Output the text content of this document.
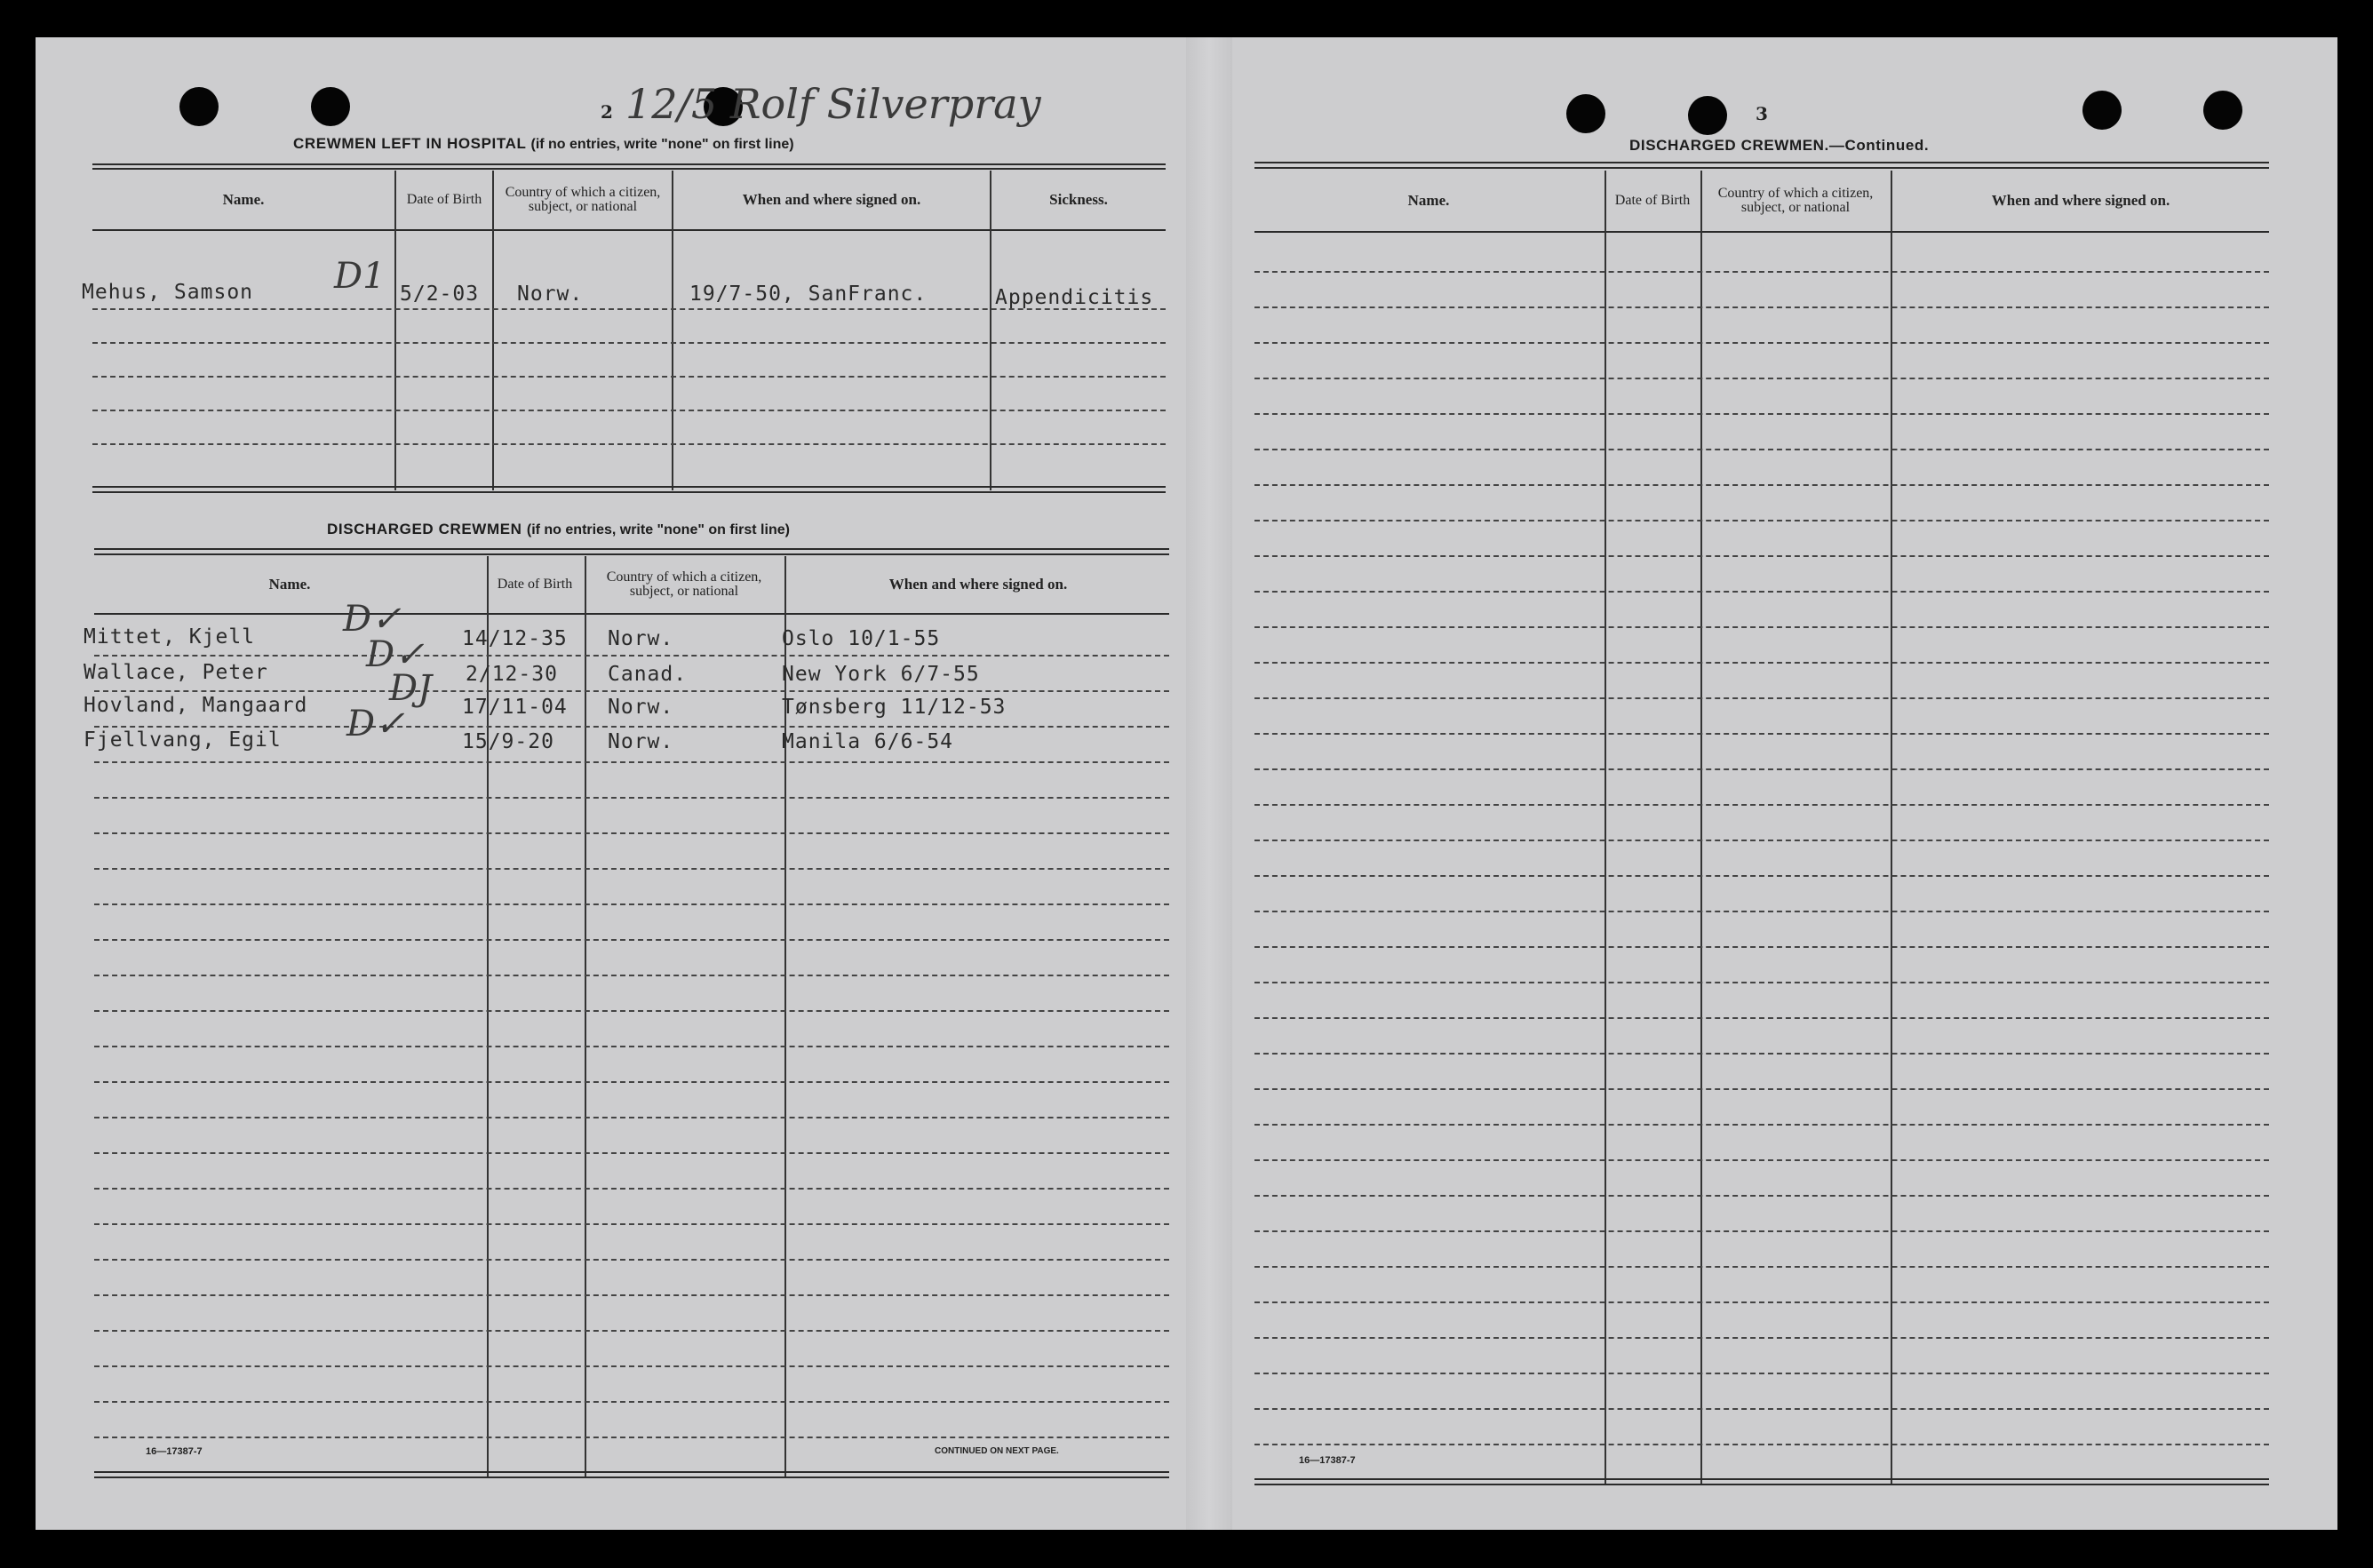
2 12/5 Rolf Silverpray
CREWMEN LEFT IN HOSPITAL (if no entries, write "none" on first line)
Name.	Date of Birth	Country of which a citizen, subject, or national	When and where signed on.	Sickness.
Mehus, Samson D1 5/2-03 Norw.	19/7-50, SanFranc.	Appendicitis
DISCHARGED CREWMEN (if no entries, write "none" on first line)
Name.	Date of Birth	Country of which a citizen, subject, or national	When and where signed on.
Mittet, Kjell D✓	14/12-35 Norw.	Oslo 10/1-55
Wallace, Peter	D✓ 2/12-30 Canad.	New York 6/7-55
Hovland, Mangaard DJ 17/11-04 Norw.	Tønsberg 11/12-53
Fjellvang, Egil D✓	15/9-20	Norw.	Manila 6/6-54
16—17387-7	CONTINUED ON NEXT PAGE.
3
DISCHARGED CREWMEN.—Continued.
Name.	Date of Birth	Country of which a citizen, subject, or national	When and where signed on.
16—17387-7
